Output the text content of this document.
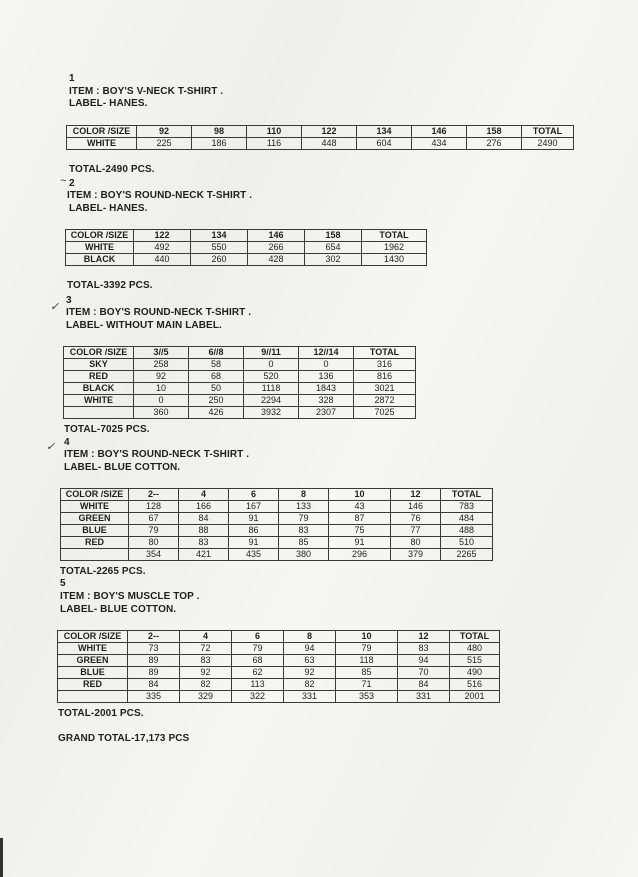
1
ITEM : BOY'S V-NECK T-SHIRT .
LABEL- HANES.
COLOR /SIZE	92	98	110	122	134	146	158	TOTAL
WHITE	225	186	116	448	604	434	276	2490
TOTAL-2490 PCS.
~ 2
ITEM : BOY'S ROUND-NECK T-SHIRT .
LABEL- HANES.
COLOR /SIZE	122	134	146	158	TOTAL
WHITE	492	550	266	654	1962
BLACK	440	260	428	302	1430
TOTAL-3392 PCS.
✓
3
ITEM : BOY'S ROUND-NECK T-SHIRT .
LABEL- WITHOUT MAIN LABEL.
COLOR /SIZE	3//5	6//8	9//11	12//14	TOTAL
SKY	258	58	0	0	316
RED	92	68	520	136	816
BLACK	10	50	1118	1843	3021
WHITE	0	250	2294	328	2872
	360	426	3932	2307	7025
TOTAL-7025 PCS.
✓ 4
ITEM : BOY'S ROUND-NECK T-SHIRT .
LABEL- BLUE COTTON.
COLOR /SIZE	2--	4	6	8	10	12	TOTAL
WHITE	128	166	167	133	43	146	783
GREEN	67	84	91	79	87	76	484
BLUE	79	88	86	83	75	77	488
RED	80	83	91	85	91	80	510
	354	421	435	380	296	379	2265
TOTAL-2265 PCS.
5
ITEM : BOY'S MUSCLE TOP .
LABEL- BLUE COTTON.
COLOR /SIZE	2--	4	6	8	10	12	TOTAL
WHITE	73	72	79	94	79	83	480
GREEN	89	83	68	63	118	94	515
BLUE	89	92	62	92	85	70	490
RED	84	82	113	82	71	84	516
	335	329	322	331	353	331	2001
TOTAL-2001 PCS.
GRAND TOTAL-17,173 PCS
